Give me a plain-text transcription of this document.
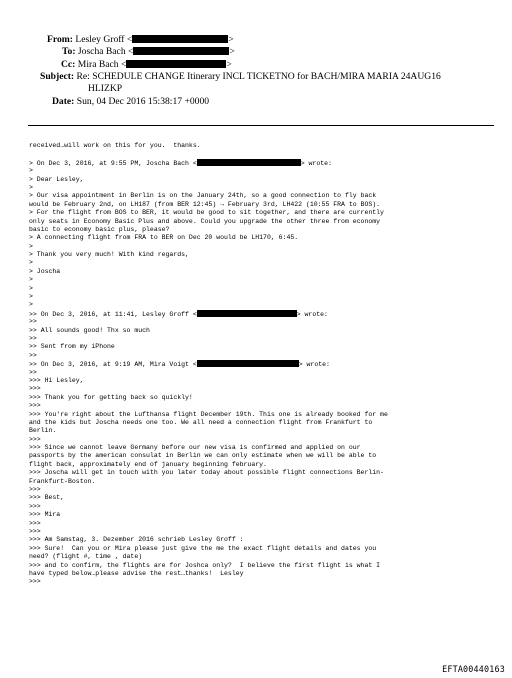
From: Lesley Groff <	>
To: Joscha Bach <	>
Cc: Mira Bach <	>
Subject: Re: SCHEDULE CHANGE Itinerary INCL TICKETNO for BACH/MIRA MARIA 24AUG16
HLIZKP
Date: Sun, 04 Dec 2016 15:38:17 +0000
received…will work on this for you.  thanks.
> On Dec 3, 2016, at 9:55 PM, Joscha Bach <	> wrote:
>
> Dear Lesley,
>
> Our visa appointment in Berlin is on the January 24th, so a good connection to fly back
would be February 2nd, on LH187 (from BER 12:45) → February 3rd, LH422 (10:55 FRA to BOS).
> For the flight from BOS to BER, it would be good to sit together, and there are currently
only seats in Economy Basic Plus and above. Could you upgrade the other three from economy
basic to economy basic plus, please?
> A connecting flight from FRA to BER on Dec 20 would be LH170, 6:45.
>
> Thank you very much! With kind regards,
>
> Joscha
>
>
>
>
>> On Dec 3, 2016, at 11:41, Lesley Groff <	> wrote:
>>
>> All sounds good! Thx so much
>>
>> Sent from my iPhone
>>
>> On Dec 3, 2016, at 9:19 AM, Mira Voigt <	> wrote:
>>
>>> Hi Lesley,
>>>
>>> Thank you for getting back so quickly!
>>>
>>> You're right about the Lufthansa flight December 19th. This one is already booked for me
and the kids but Joscha needs one too. We all need a connection flight from Frankfurt to
Berlin.
>>>
>>> Since we cannot leave Germany before our new visa is confirmed and applied on our
passports by the american consulat in Berlin we can only estimate when we will be able to
flight back, approximately end of january beginning february.
>>> Joscha will get in touch with you later today about possible flight connections Berlin-
Frankfurt-Boston.
>>>
>>> Best,
>>>
>>> Mira
>>>
>>>
>>> Am Samstag, 3. Dezember 2016 schrieb Lesley Groff :
>>> Sure!  Can you or Mira please just give the me the exact flight details and dates you
need? (flight #, time , date)
>>> and to confirm, the flights are for Joshca only?  I believe the first flight is what I
have typed below…please advise the rest…thanks!  Lesley
>>>
EFTA00440163
